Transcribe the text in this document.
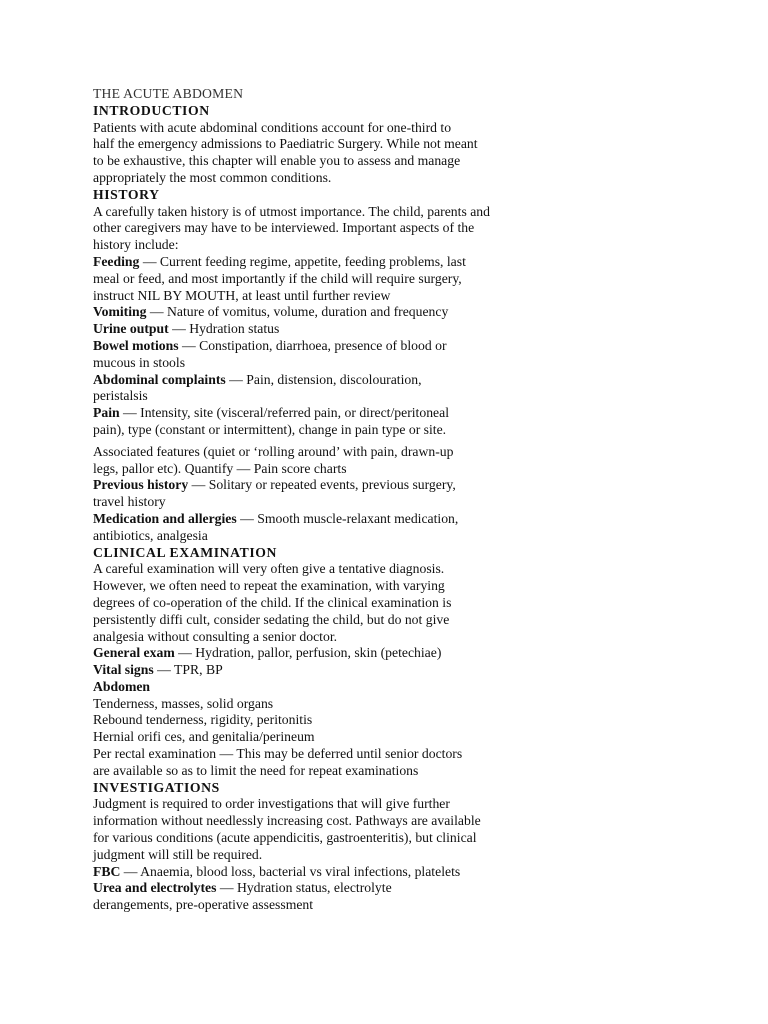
THE ACUTE ABDOMEN
INTRODUCTION
Patients with acute abdominal conditions account for one-third to
half the emergency admissions to Paediatric Surgery. While not meant
to be exhaustive, this chapter will enable you to assess and manage
appropriately the most common conditions.
HISTORY
A carefully taken history is of utmost importance. The child, parents and
other caregivers may have to be interviewed. Important aspects of the
history include:
Feeding — Current feeding regime, appetite, feeding problems, last
meal or feed, and most importantly if the child will require surgery,
instruct NIL BY MOUTH, at least until further review
Vomiting — Nature of vomitus, volume, duration and frequency
Urine output — Hydration status
Bowel motions — Constipation, diarrhoea, presence of blood or
mucous in stools
Abdominal complaints — Pain, distension, discolouration,
peristalsis
Pain — Intensity, site (visceral/referred pain, or direct/peritoneal
pain), type (constant or intermittent), change in pain type or site.
Associated features (quiet or ‘rolling around’ with pain, drawn-up
legs, pallor etc). Quantify — Pain score charts
Previous history — Solitary or repeated events, previous surgery,
travel history
Medication and allergies — Smooth muscle-relaxant medication,
antibiotics, analgesia
CLINICAL EXAMINATION
A careful examination will very often give a tentative diagnosis.
However, we often need to repeat the examination, with varying
degrees of co-operation of the child. If the clinical examination is
persistently diffi cult, consider sedating the child, but do not give
analgesia without consulting a senior doctor.
General exam — Hydration, pallor, perfusion, skin (petechiae)
Vital signs — TPR, BP
Abdomen
Tenderness, masses, solid organs
Rebound tenderness, rigidity, peritonitis
Hernial orifi ces, and genitalia/perineum
Per rectal examination — This may be deferred until senior doctors
are available so as to limit the need for repeat examinations
INVESTIGATIONS
Judgment is required to order investigations that will give further
information without needlessly increasing cost. Pathways are available
for various conditions (acute appendicitis, gastroenteritis), but clinical
judgment will still be required.
FBC — Anaemia, blood loss, bacterial vs viral infections, platelets
Urea and electrolytes — Hydration status, electrolyte
derangements, pre-operative assessment
